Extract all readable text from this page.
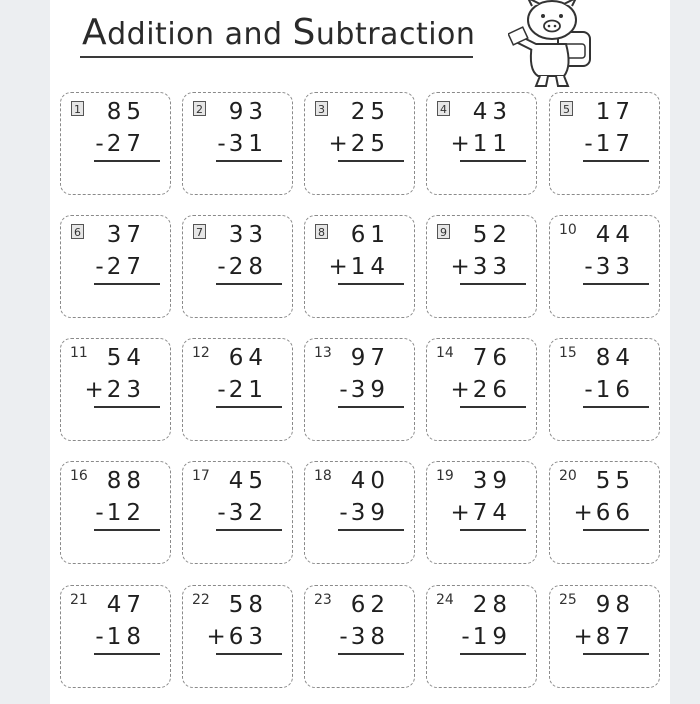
Addition and Subtraction
1 85
-27
2 93
-31
3 25
+25
4 43
+11
5 17
-17
6 37
-27
7 33
-28
8 61
+14
9 52
+33
10 44
-33
11 54
+23
12 64
-21
13 97
-39
14 76
+26
15 84
-16
16 88
-12
17 45
-32
18 40
-39
19 39
+74
20 55
+66
21 47
-18
22 58
+63
23 62
-38
24 28
-19
25 98
+87
